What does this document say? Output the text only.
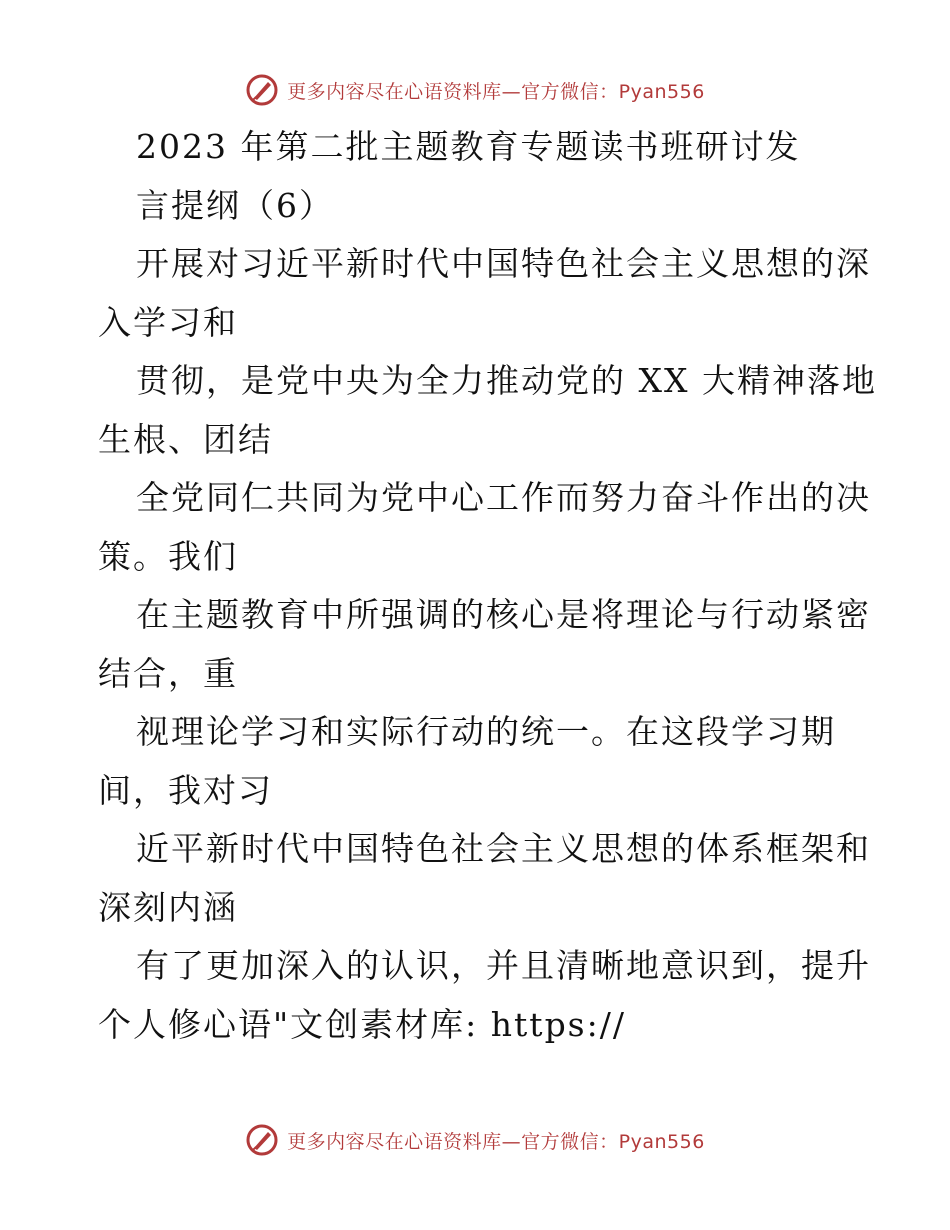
更多内容尽在心语资料库—官方微信：Pyan556
2023 年第二批主题教育专题读书班研讨发
言提纲（6）
开展对习近平新时代中国特色社会主义思想的深
入学习和
贯彻，是党中央为全力推动党的 XX 大精神落地
生根、团结
全党同仁共同为党中心工作而努力奋斗作出的决
策。我们
在主题教育中所强调的核心是将理论与行动紧密
结合，重
视理论学习和实际行动的统一。在这段学习期
间，我对习
近平新时代中国特色社会主义思想的体系框架和
深刻内涵
有了更加深入的认识，并且清晰地意识到，提升
个人修心语"文创素材库: https://
更多内容尽在心语资料库—官方微信：Pyan556
